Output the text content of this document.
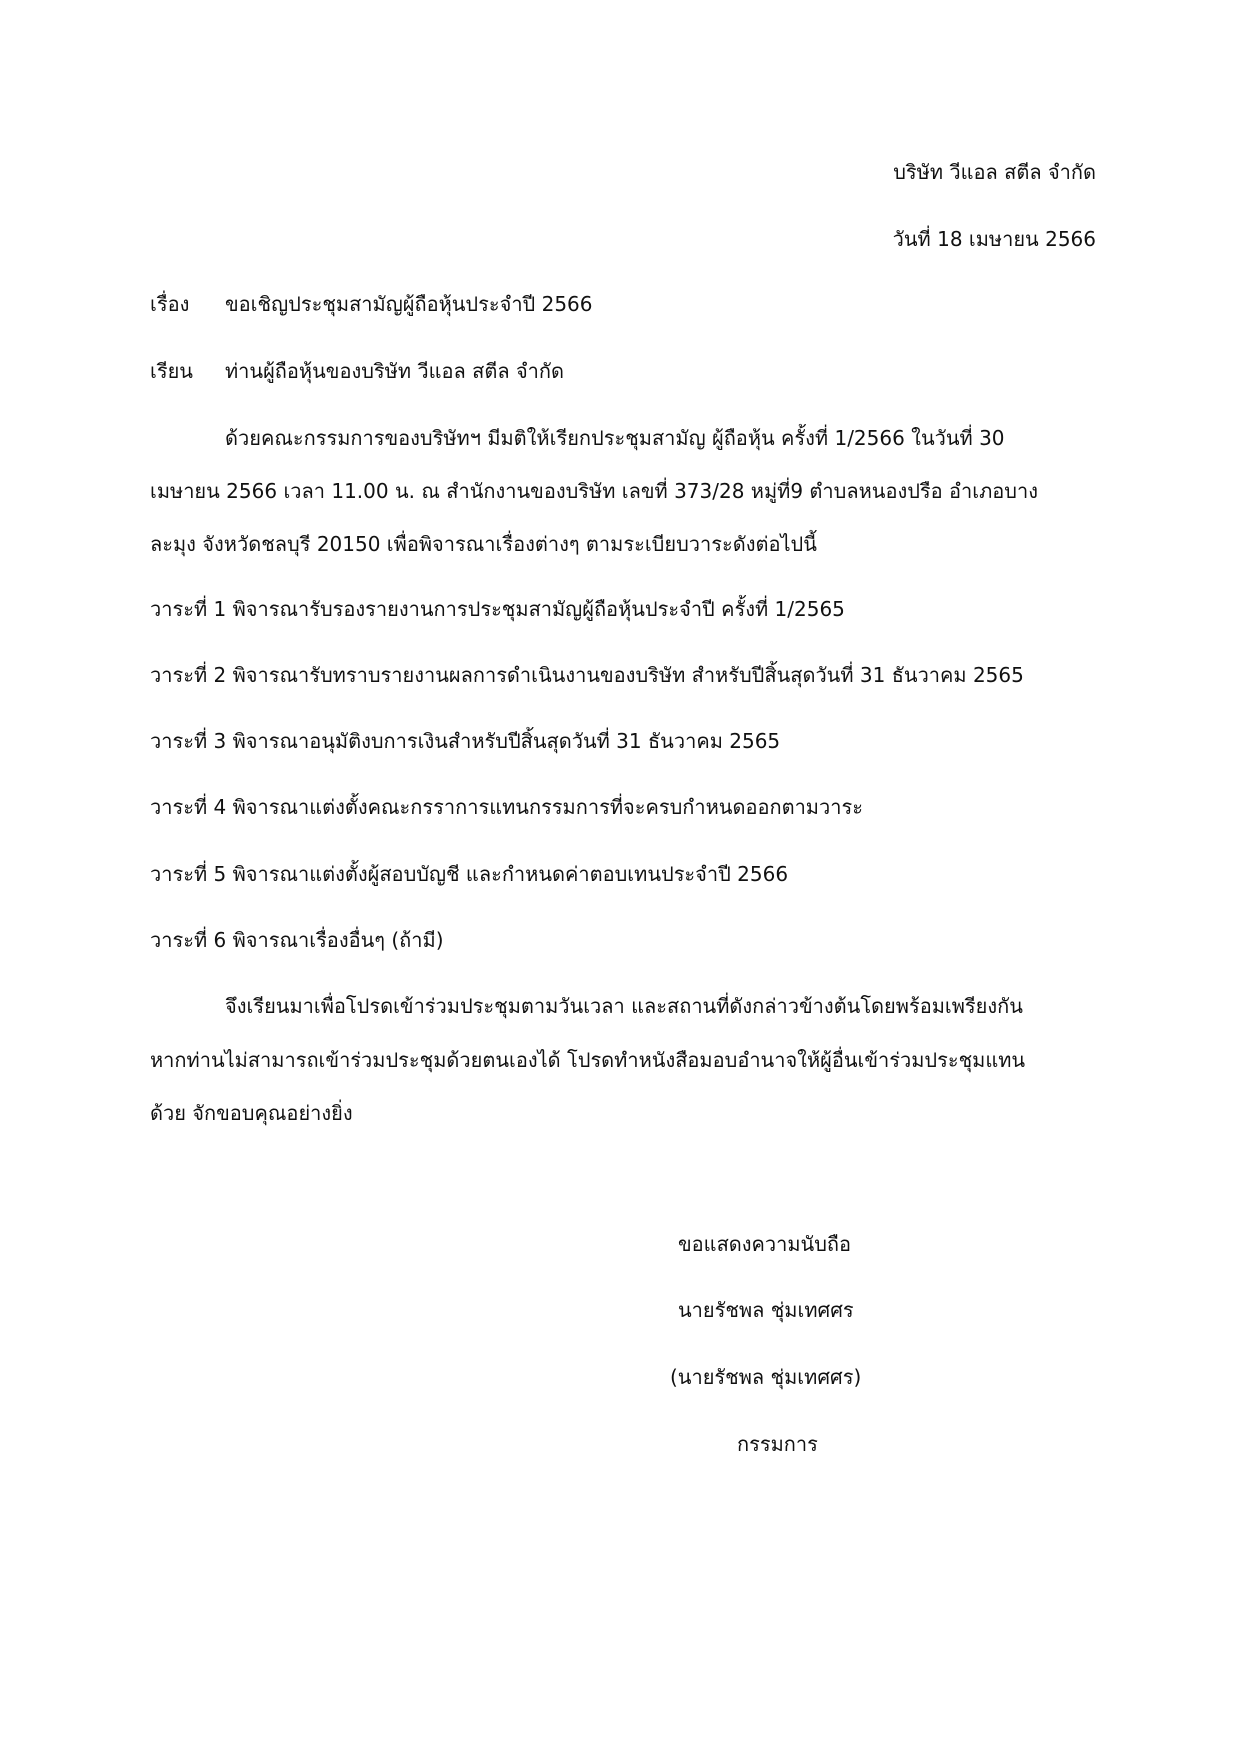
บริษัท วีแอล สตีล จำกัด
วันที่ 18 เมษายน 2566
เรื่อง ขอเชิญประชุมสามัญผู้ถือหุ้นประจำปี 2566
เรียน ท่านผู้ถือหุ้นของบริษัท วีแอล สตีล จำกัด
ด้วยคณะกรรมการของบริษัทฯ มีมติให้เรียกประชุมสามัญ ผู้ถือหุ้น ครั้งที่ 1/2566 ในวันที่ 30
เมษายน 2566 เวลา 11.00 น. ณ สำนักงานของบริษัท เลขที่ 373/28 หมู่ที่9 ตำบลหนองปรือ อำเภอบาง
ละมุง จังหวัดชลบุรี 20150 เพื่อพิจารณาเรื่องต่างๆ ตามระเบียบวาระดังต่อไปนี้
วาระที่ 1 พิจารณารับรองรายงานการประชุมสามัญผู้ถือหุ้นประจำปี ครั้งที่ 1/2565
วาระที่ 2 พิจารณารับทราบรายงานผลการดำเนินงานของบริษัท สำหรับปีสิ้นสุดวันที่ 31 ธันวาคม 2565
วาระที่ 3 พิจารณาอนุมัติงบการเงินสำหรับปีสิ้นสุดวันที่ 31 ธันวาคม 2565
วาระที่ 4 พิจารณาแต่งตั้งคณะกรราการแทนกรรมการที่จะครบกำหนดออกตามวาระ
วาระที่ 5 พิจารณาแต่งตั้งผู้สอบบัญชี และกำหนดค่าตอบเทนประจำปี 2566
วาระที่ 6 พิจารณาเรื่องอื่นๆ (ถ้ามี)
จึงเรียนมาเพื่อโปรดเข้าร่วมประชุมตามวันเวลา และสถานที่ดังกล่าวข้างต้นโดยพร้อมเพรียงกัน
หากท่านไม่สามารถเข้าร่วมประชุมด้วยตนเองได้ โปรดทำหนังสือมอบอำนาจให้ผู้อื่นเข้าร่วมประชุมแทน
ด้วย จักขอบคุณอย่างยิ่ง
ขอแสดงความนับถือ
นายรัชพล ชุ่มเทศศร
(นายรัชพล ชุ่มเทศศร)
กรรมการ
